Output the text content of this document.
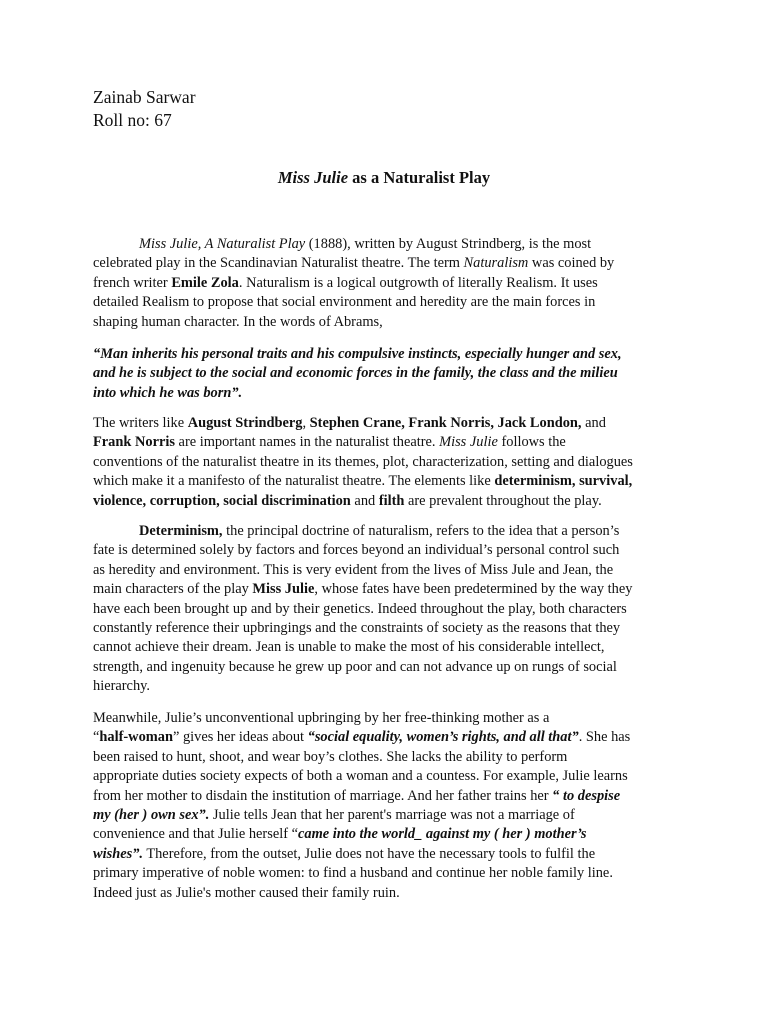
Zainab Sarwar
Roll no: 67
Miss Julie as a Naturalist Play
Miss Julie, A Naturalist Play (1888), written by August Strindberg, is the most
celebrated play in the Scandinavian Naturalist theatre. The term Naturalism was coined by
french writer Emile Zola. Naturalism is a logical outgrowth of literally Realism. It uses
detailed Realism to propose that social environment and heredity are the main forces in
shaping human character. In the words of Abrams,
“Man inherits his personal traits and his compulsive instincts, especially hunger and sex,
and he is subject to the social and economic forces in the family, the class and the milieu
into which he was born”.
The writers like August Strindberg, Stephen Crane, Frank Norris, Jack London, and
Frank Norris are important names in the naturalist theatre. Miss Julie follows the
conventions of the naturalist theatre in its themes, plot, characterization, setting and dialogues
which make it a manifesto of the naturalist theatre. The elements like determinism, survival,
violence, corruption, social discrimination and filth are prevalent throughout the play.
Determinism, the principal doctrine of naturalism, refers to the idea that a person’s
fate is determined solely by factors and forces beyond an individual’s personal control such
as heredity and environment. This is very evident from the lives of Miss Jule and Jean, the
main characters of the play Miss Julie, whose fates have been predetermined by the way they
have each been brought up and by their genetics. Indeed throughout the play, both characters
constantly reference their upbringings and the constraints of society as the reasons that they
cannot achieve their dream. Jean is unable to make the most of his considerable intellect,
strength, and ingenuity because he grew up poor and can not advance up on rungs of social
hierarchy.
Meanwhile, Julie’s unconventional upbringing by her free-thinking mother as a
“half-woman” gives her ideas about “social equality, women’s rights, and all that”. She has
been raised to hunt, shoot, and wear boy’s clothes. She lacks the ability to perform
appropriate duties society expects of both a woman and a countess. For example, Julie learns
from her mother to disdain the institution of marriage. And her father trains her “ to despise
my (her ) own sex”. Julie tells Jean that her parent's marriage was not a marriage of
convenience and that Julie herself “came into the world_ against my ( her ) mother’s
wishes”. Therefore, from the outset, Julie does not have the necessary tools to fulfil the
primary imperative of noble women: to find a husband and continue her noble family line.
Indeed just as Julie's mother caused their family ruin.
